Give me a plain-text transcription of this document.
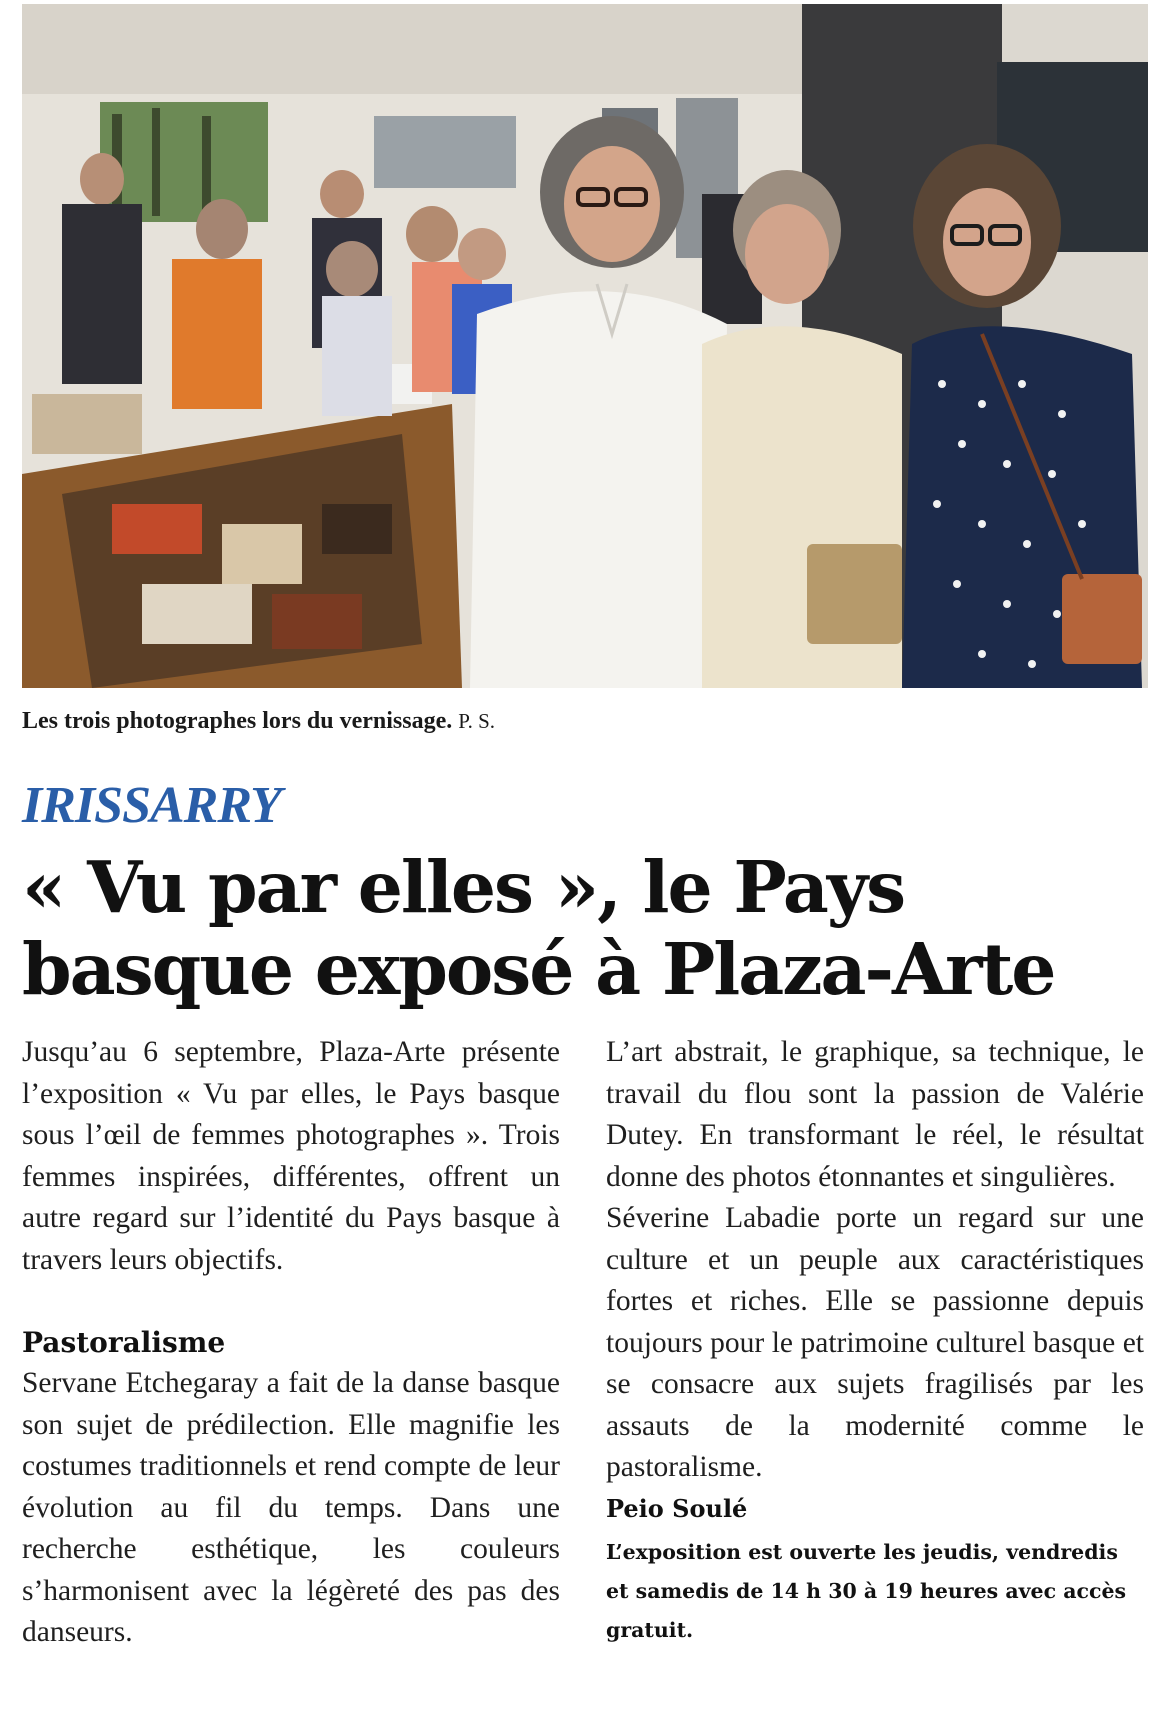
Les trois photographes lors du vernissage. P. S.
IRISSARRY
« Vu par elles », le Pays basque exposé à Plaza-Arte

Jusqu’au 6 septembre, Plaza-Arte présente l’exposition « Vu par elles, le Pays basque sous l’œil de femmes photographes ». Trois femmes inspirées, différentes, offrent un autre regard sur l’identité du Pays basque à travers leurs objectifs.

Pastoralisme

Servane Etchegaray a fait de la danse basque son sujet de prédilection. Elle magnifie les costumes traditionnels et rend compte de leur évolution au fil du temps. Dans une recherche esthétique, les couleurs s’harmonisent avec la légèreté des pas des danseurs.

L’art abstrait, le graphique, sa technique, le travail du flou sont la passion de Valérie Dutey. En transformant le réel, le résultat donne des photos étonnantes et singulières.

Séverine Labadie porte un regard sur une culture et un peuple aux caractéristiques fortes et riches. Elle se passionne depuis toujours pour le patrimoine culturel basque et se consacre aux sujets fragilisés par les assauts de la modernité comme le pastoralisme.

Peio Soulé

L’exposition est ouverte les jeudis, vendredis et samedis de 14 h 30 à 19 heures avec accès gratuit.
